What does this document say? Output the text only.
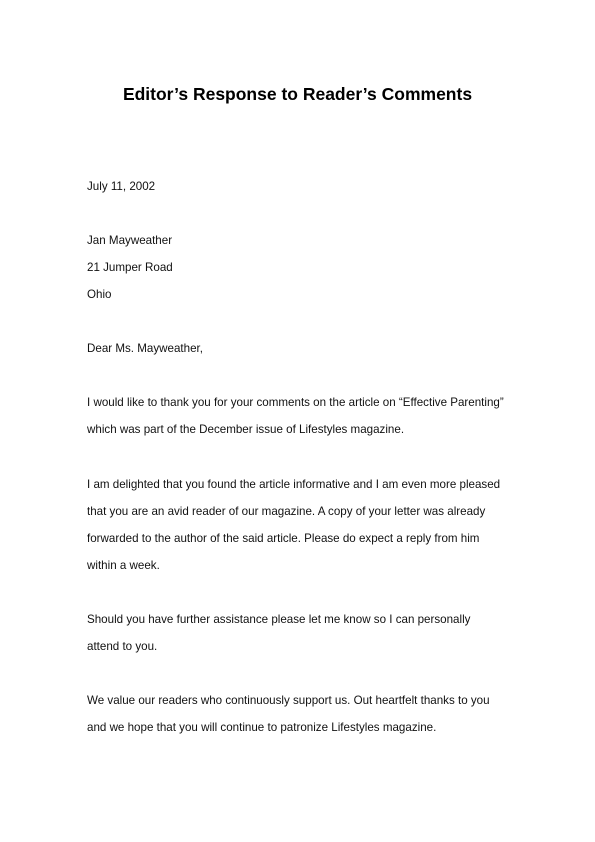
Editor’s Response to Reader’s Comments
July 11, 2002
Jan Mayweather
21 Jumper Road
Ohio
Dear Ms. Mayweather,
I would like to thank you for your comments on the article on “Effective Parenting”
which was part of the December issue of Lifestyles magazine.
I am delighted that you found the article informative and I am even more pleased
that you are an avid reader of our magazine. A copy of your letter was already
forwarded to the author of the said article. Please do expect a reply from him
within a week.
Should you have further assistance please let me know so I can personally
attend to you.
We value our readers who continuously support us. Out heartfelt thanks to you
and we hope that you will continue to patronize Lifestyles magazine.
